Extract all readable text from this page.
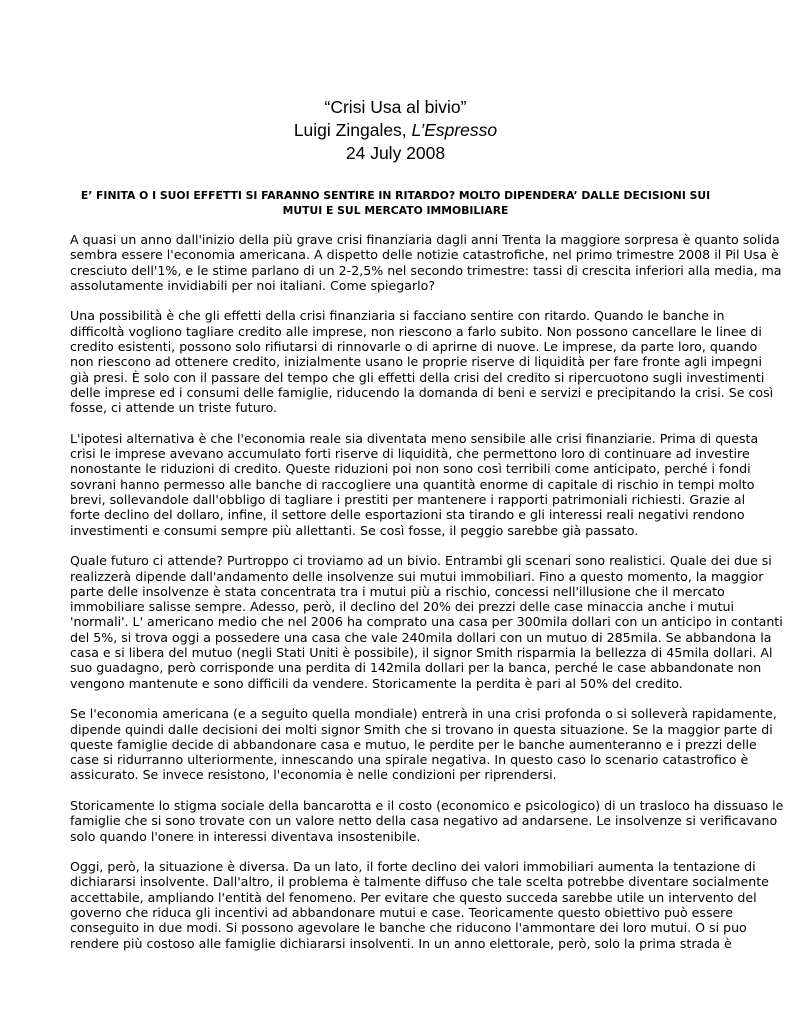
“Crisi Usa al bivio”
Luigi Zingales, L’Espresso
24 July 2008
E’ FINITA O I SUOI EFFETTI SI FARANNO SENTIRE IN RITARDO? MOLTO DIPENDERA’ DALLE DECISIONI SUI MUTUI E SUL MERCATO IMMOBILIARE

A quasi un anno dall'inizio della più grave crisi finanziaria dagli anni Trenta la maggiore sorpresa è quanto solida
sembra essere l'economia americana. A dispetto delle notizie catastrofiche, nel primo trimestre 2008 il Pil Usa è
cresciuto dell'1%, e le stime parlano di un 2-2,5% nel secondo trimestre: tassi di crescita inferiori alla media, ma
assolutamente invidiabili per noi italiani. Come spiegarlo?

Una possibilità è che gli effetti della crisi finanziaria si facciano sentire con ritardo. Quando le banche in
difficoltà vogliono tagliare credito alle imprese, non riescono a farlo subito. Non possono cancellare le linee di
credito esistenti, possono solo rifiutarsi di rinnovarle o di aprirne di nuove. Le imprese, da parte loro, quando
non riescono ad ottenere credito, inizialmente usano le proprie riserve di liquidità per fare fronte agli impegni
già presi. È solo con il passare del tempo che gli effetti della crisi del credito si ripercuotono sugli investimenti
delle imprese ed i consumi delle famiglie, riducendo la domanda di beni e servizi e precipitando la crisi. Se così
fosse, ci attende un triste futuro.

L'ipotesi alternativa è che l'economia reale sia diventata meno sensibile alle crisi finanziarie. Prima di questa
crisi le imprese avevano accumulato forti riserve di liquidità, che permettono loro di continuare ad investire
nonostante le riduzioni di credito. Queste riduzioni poi non sono così terribili come anticipato, perché i fondi
sovrani hanno permesso alle banche di raccogliere una quantità enorme di capitale di rischio in tempi molto
brevi, sollevandole dall'obbligo di tagliare i prestiti per mantenere i rapporti patrimoniali richiesti. Grazie al
forte declino del dollaro, infine, il settore delle esportazioni sta tirando e gli interessi reali negativi rendono
investimenti e consumi sempre più allettanti. Se così fosse, il peggio sarebbe già passato.

Quale futuro ci attende? Purtroppo ci troviamo ad un bivio. Entrambi gli scenari sono realistici. Quale dei due si
realizzerà dipende dall'andamento delle insolvenze sui mutui immobiliari. Fino a questo momento, la maggior
parte delle insolvenze è stata concentrata tra i mutui più a rischio, concessi nell'illusione che il mercato
immobiliare salisse sempre. Adesso, però, il declino del 20% dei prezzi delle case minaccia anche i mutui
'normali'. L' americano medio che nel 2006 ha comprato una casa per 300mila dollari con un anticipo in contanti
del 5%, si trova oggi a possedere una casa che vale 240mila dollari con un mutuo di 285mila. Se abbandona la
casa e si libera del mutuo (negli Stati Uniti è possibile), il signor Smith risparmia la bellezza di 45mila dollari. Al
suo guadagno, però corrisponde una perdita di 142mila dollari per la banca, perché le case abbandonate non
vengono mantenute e sono difficili da vendere. Storicamente la perdita è pari al 50% del credito.

Se l'economia americana (e a seguito quella mondiale) entrerà in una crisi profonda o si solleverà rapidamente,
dipende quindi dalle decisioni dei molti signor Smith che si trovano in questa situazione. Se la maggior parte di
queste famiglie decide di abbandonare casa e mutuo, le perdite per le banche aumenteranno e i prezzi delle
case si ridurranno ulteriormente, innescando una spirale negativa. In questo caso lo scenario catastrofico è
assicurato. Se invece resistono, l'economia è nelle condizioni per riprendersi.

Storicamente lo stigma sociale della bancarotta e il costo (economico e psicologico) di un trasloco ha dissuaso le
famiglie che si sono trovate con un valore netto della casa negativo ad andarsene. Le insolvenze si verificavano
solo quando l'onere in interessi diventava insostenibile.

Oggi, però, la situazione è diversa. Da un lato, il forte declino dei valori immobiliari aumenta la tentazione di
dichiararsi insolvente. Dall'altro, il problema è talmente diffuso che tale scelta potrebbe diventare socialmente
accettabile, ampliando l'entità del fenomeno. Per evitare che questo succeda sarebbe utile un intervento del
governo che riduca gli incentivi ad abbandonare mutui e case. Teoricamente questo obiettivo può essere
conseguito in due modi. Si possono agevolare le banche che riducono l'ammontare dei loro mutui. O si puo
rendere più costoso alle famiglie dichiararsi insolventi. In un anno elettorale, però, solo la prima strada è
